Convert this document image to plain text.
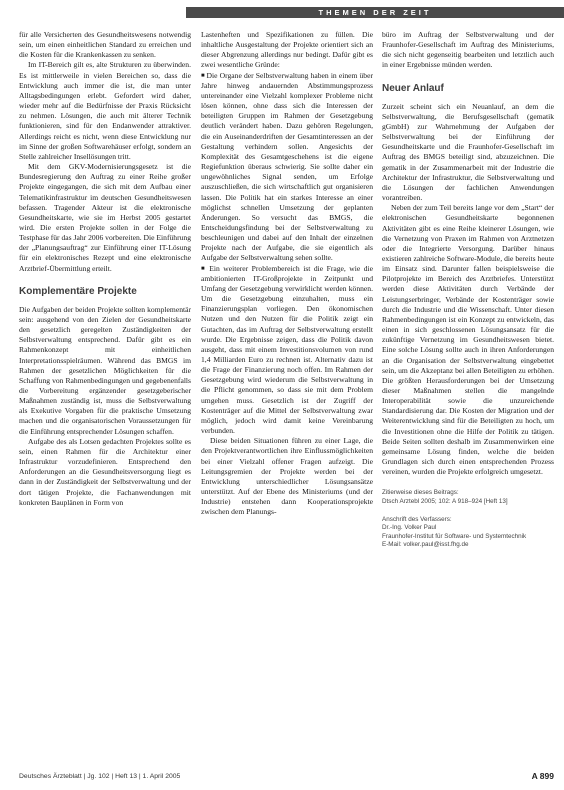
THEMEN DER ZEIT

für alle Versicherten des Gesundheitswesens notwendig sein, um einen einheitlichen Standard zu erreichen und die Kosten für die Krankenkassen zu senken.

Im IT-Bereich gilt es, alte Strukturen zu überwinden. Es ist mittlerweile in vielen Bereichen so, dass die Entwicklung auch immer die ist, die man unter Alltagsbedingungen erlebt. Gefordert wird daher, wieder mehr auf die Bedürfnisse der Praxis Rücksicht zu nehmen. Lösungen, die auch mit älterer Technik funktionieren, sind für den Endanwender attraktiver. Allerdings reicht es nicht, wenn diese Entwicklung nur im Sinne der großen Softwarehäuser erfolgt, sondern an Stelle zahlreicher Insellösungen tritt.

Mit dem GKV-Modernisierungsgesetz ist die Bundesregierung den Auftrag zu einer Reihe großer Projekte eingegangen, die sich mit dem Aufbau einer Telematikinfrastruktur im deutschen Gesundheitswesen befassen. Tragender Akteur ist die elektronische Gesundheitskarte, wie sie im Herbst 2005 gestartet wird. Die ersten Projekte sollen in der Folge die Testphase für das Jahr 2006 vorbereiten. Die Einführung der „Planungsauftrag“ zur Einführung einer IT-Lösung für ein elektronisches Rezept und eine elektronische Arztbrief-Übermittlung erteilt.

Komplementäre Projekte

Die Aufgaben der beiden Projekte sollten komplementär sein: ausgehend von den Zielen der Gesundheitskarte den gesetzlich geregelten Zuständigkeiten der Selbstverwaltung entsprechend. Dafür gibt es ein Rahmenkonzept mit einheitlichen Interpretationsspielräumen. Während das BMGS im Rahmen der gesetzlichen Möglichkeiten für die Schaffung von Rahmenbedingungen und gegebenenfalls die Vorbereitung ergänzender gesetzgeberischer Maßnahmen zuständig ist, muss die Selbstverwaltung als Exekutive Vorgaben für die praktische Umsetzung machen und die organisatorischen Voraussetzungen für die Einführung entsprechender Lösungen schaffen.

Aufgabe des als Lotsen gedachten Projektes sollte es sein, einen Rahmen für die Architektur einer Infrastruktur vorzudefinieren. Entsprechend den Anforderungen an die Gesundheitsversorgung liegt es dann in der Zuständigkeit der Selbstverwaltung und der dort tätigen Projekte, die Fachanwendungen mit konkreten Bauplänen in Form von

Lastenheften und Spezifikationen zu füllen. Die inhaltliche Ausgestaltung der Projekte orientiert sich an dieser Abgrenzung allerdings nur bedingt. Dafür gibt es zwei wesentliche Gründe:

■ Die Organe der Selbstverwaltung haben in einem über Jahre hinweg andauernden Abstimmungsprozess untereinander eine Vielzahl komplexer Probleme nicht lösen können, ohne dass sich die Interessen der beteiligten Gruppen im Rahmen der Gesetzgebung deutlich verändert haben. Dazu gehören Regelungen, die ein Auseinanderdriften der Gesamtinteressen an der Gestaltung verhindern sollen. Angesichts der Komplexität des Gesamtgeschehens ist die eigene Regiefunktion überaus schwierig. Sie sollte daher ein ungewöhnliches Signal senden, um Erfolge auszuschließen, die sich wirtschaftlich gut organisieren lassen. Die Politik hat ein starkes Interesse an einer möglichst schnellen Umsetzung der geplanten Änderungen. So versucht das BMGS, die Entscheidungsfindung bei der Selbstverwaltung zu beschleunigen und dabei auf den Inhalt der einzelnen Projekte nach der Aufgabe, die sie eigentlich als Aufgabe der Selbstverwaltung sehen sollte.

■ Ein weiterer Problembereich ist die Frage, wie die ambitionierten IT-Großprojekte in Zeitpunkt und Umfang der Gesetzgebung verwirklicht werden können. Um die Gesetzgebung einzuhalten, muss ein Finanzierungsplan vorliegen. Den ökonomischen Nutzen und den Nutzen für die Politik zeigt ein Gutachten, das im Auftrag der Selbstverwaltung erstellt wurde. Die Ergebnisse zeigen, dass die Politik davon ausgeht, dass mit einem Investitionsvolumen von rund 1,4 Milliarden Euro zu rechnen ist. Alternativ dazu ist die Frage der Finanzierung noch offen. Im Rahmen der Gesetzgebung wird wiederum die Selbstverwaltung in die Pflicht genommen, so dass sie mit dem Problem umgehen muss. Gesetzlich ist der Zugriff der Kostenträger auf die Mittel der Selbstverwaltung zwar möglich, jedoch wird damit keine Vereinbarung verbunden.

Diese beiden Situationen führen zu einer Lage, die den Projektverantwortlichen ihre Einflussmöglichkeiten bei einer Vielzahl offener Fragen aufzeigt. Die Leitungsgremien der Projekte werden bei der Entwicklung unterschiedlicher Lösungsansätze unterstützt. Auf der Ebene des Ministeriums (und der Industrie) entstehen dann Kooperationsprojekte zwischen dem Planungs-

büro im Auftrag der Selbstverwaltung und der Fraunhofer-Gesellschaft im Auftrag des Ministeriums, die sich nicht gegenseitig bearbeiten und letztlich auch in einer Ergebnisse münden werden.

Neuer Anlauf

Zurzeit scheint sich ein Neuanlauf, an dem die Selbstverwaltung, die Berufsgesellschaft (gematik gGmbH) zur Wahrnehmung der Aufgaben der Selbstverwaltung bei der Einführung der Gesundheitskarte und die Fraunhofer-Gesellschaft im Auftrag des BMGS beteiligt sind, abzuzeichnen. Die gematik in der Zusammenarbeit mit der Industrie die Architektur der Infrastruktur, die Selbstverwaltung und die Lösungen der fachlichen Anwendungen vorantreiben.

Neben der zum Teil bereits lange vor dem „Start“ der elektronischen Gesundheitskarte begonnenen Aktivitäten gibt es eine Reihe kleinerer Lösungen, wie die Vernetzung von Praxen im Rahmen von Arztnetzen oder die Integrierte Versorgung. Darüber hinaus existieren zahlreiche Software-Module, die bereits heute im Einsatz sind. Darunter fallen beispielsweise die Pilotprojekte im Bereich des Arztbriefes. Unterstützt werden diese Aktivitäten durch Verbände der Leistungserbringer, Verbände der Kostenträger sowie durch die Industrie und die Wissenschaft. Unter diesen Rahmenbedingungen ist ein Konzept zu entwickeln, das einen in sich geschlossenen Lösungsansatz für die zukünftige Vernetzung im Gesundheitswesen bietet. Eine solche Lösung sollte auch in ihren Anforderungen an die Organisation der Selbstverwaltung eingebettet sein, um die Akzeptanz bei allen Beteiligten zu erhöhen. Die größten Herausforderungen bei der Umsetzung dieser Maßnahmen stellen die mangelnde Interoperabilität sowie die unzureichende Standardisierung dar. Die Kosten der Migration und der Weiterentwicklung sind für die Beteiligten zu hoch, um die Investitionen ohne die Hilfe der Politik zu tätigen. Beide Seiten sollten deshalb im Zusammenwirken eine gemeinsame Lösung finden, welche die beiden Grundlagen sich durch einen entsprechenden Prozess vereinen, wurden die Projekte erfolgreich umgesetzt.

Zitierweise dieses Beitrags:

Dtsch Arztebl 2005; 102: A 918–924 [Heft 13]

Anschrift des Verfassers:

Dr.-Ing. Volker Paul

Fraunhofer-Institut für Software- und Systemtechnik

E-Mail: volker.paul@isst.fhg.de

Deutsches Ärzteblatt | Jg. 102 | Heft 13 | 1. April 2005	A 899
